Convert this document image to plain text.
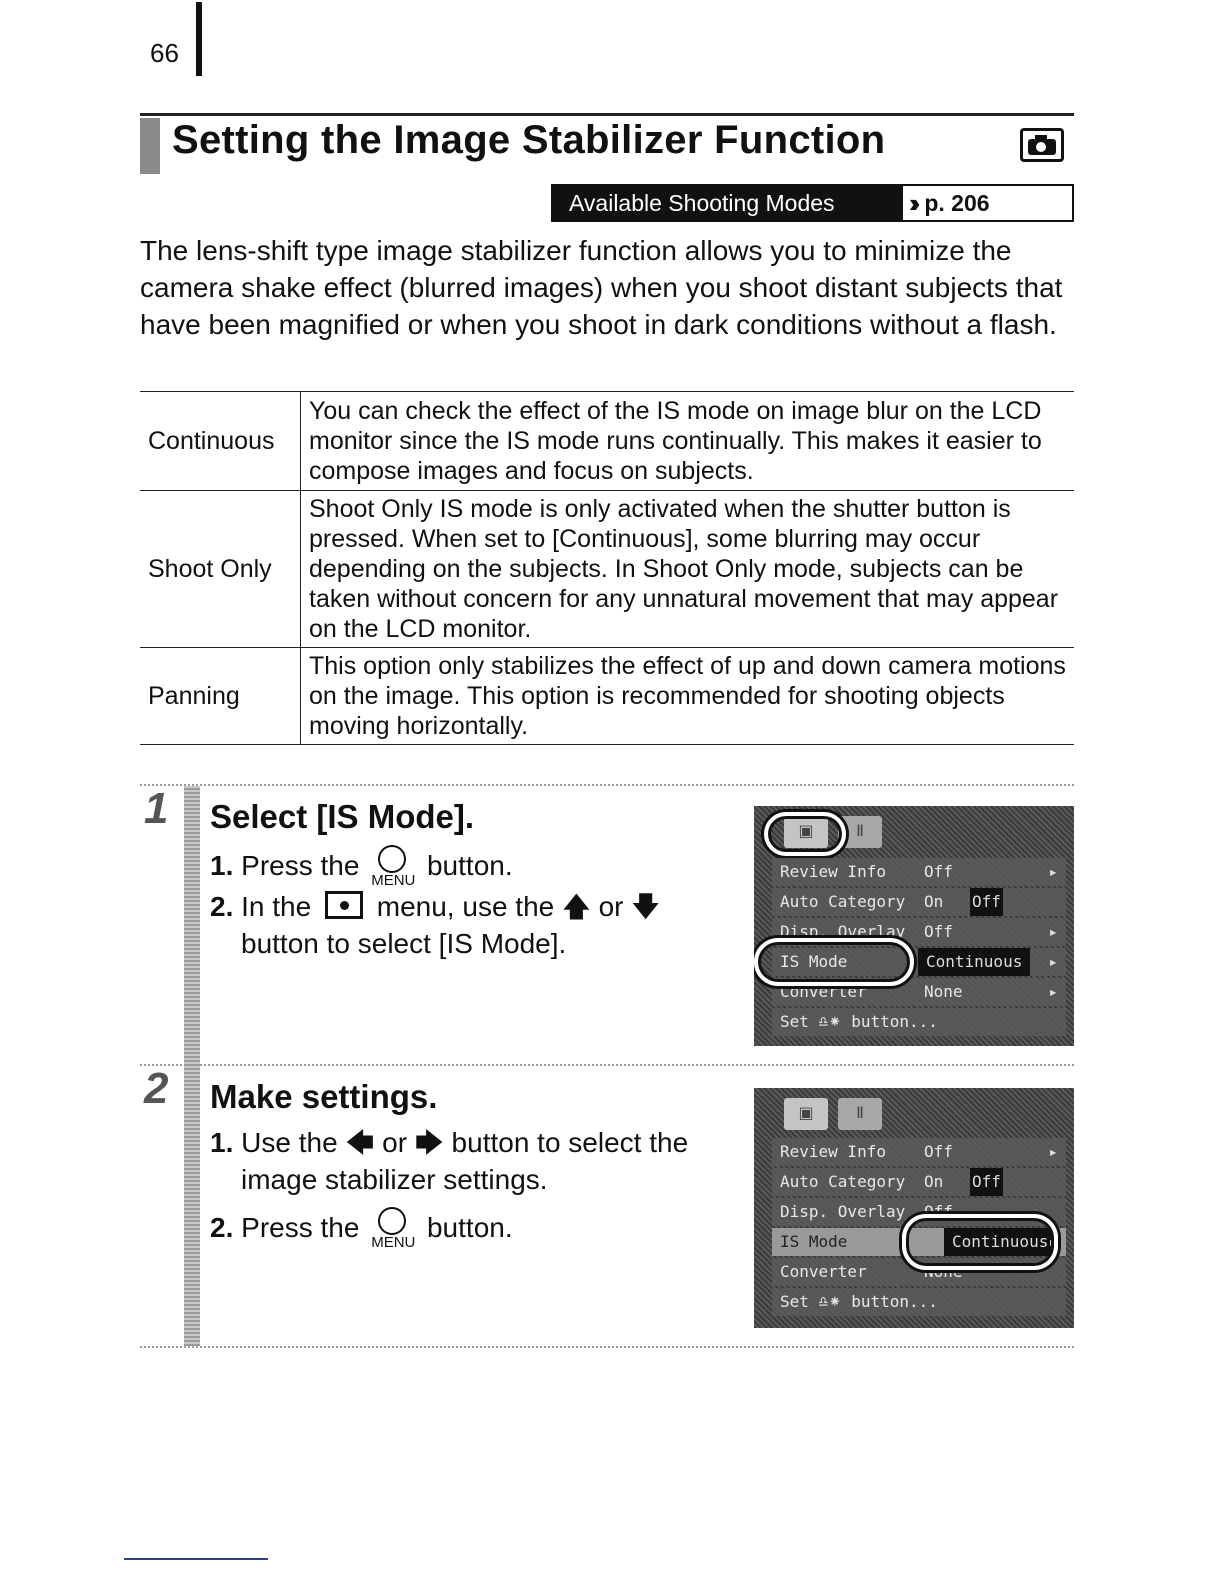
66
Setting the Image Stabilizer Function
Available Shooting Modes	›› p. 206

The lens-shift type image stabilizer function allows you to minimize the camera shake effect (blurred images) when you shoot distant subjects that have been magnified or when you shoot in dark conditions without a flash.

Continuous	You can check the effect of the IS mode on image blur on the LCD monitor since the IS mode runs continually. This makes it easier to compose images and focus on subjects.
Shoot Only	Shoot Only IS mode is only activated when the shutter button is pressed. When set to [Continuous], some blurring may occur depending on the subjects. In Shoot Only mode, subjects can be taken without concern for any unnatural movement that may appear on the LCD monitor.
Panning	This option only stabilizes the effect of up and down camera motions on the image. This option is recommended for shooting objects moving horizontally.
1 Select [IS Mode].
1. Press the MENU button.
2. In the menu, use the 🡅 or 🡇
button to select [IS Mode].
▣	Ⅱ
Review Info Off	▸
Auto Category On Off
Disp. Overlay Off	▸
IS Mode	Continuous	▸
Converter	None	▸
Set ♎⁕ button...
2 Make settings.
1. Use the 🡄 or 🡆 button to select the
image stabilizer settings.
2. Press the MENU button.
▣	Ⅱ
Review Info Off	▸
Auto Category On Off
Disp. Overlay Off
IS Mode	Continuous ▸
Converter	None
Set ♎⁕ button...
